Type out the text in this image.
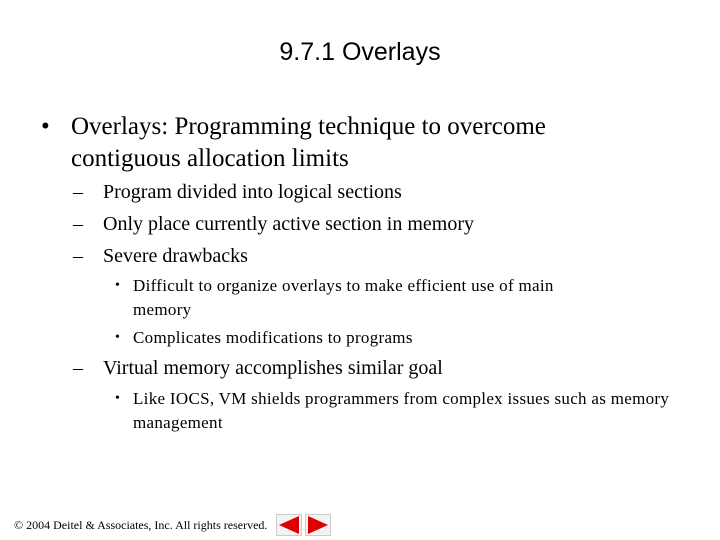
9.7.1 Overlays
• Overlays: Programming technique to overcome contiguous allocation limits
–	Program divided into logical sections
–	Only place currently active section in memory
–	Severe drawbacks
• Difficult to organize overlays to make efficient use of main memory
• Complicates modifications to programs
–	Virtual memory accomplishes similar goal
• Like IOCS, VM shields programmers from complex issues such as memory management
© 2004 Deitel & Associates, Inc. All rights reserved.
